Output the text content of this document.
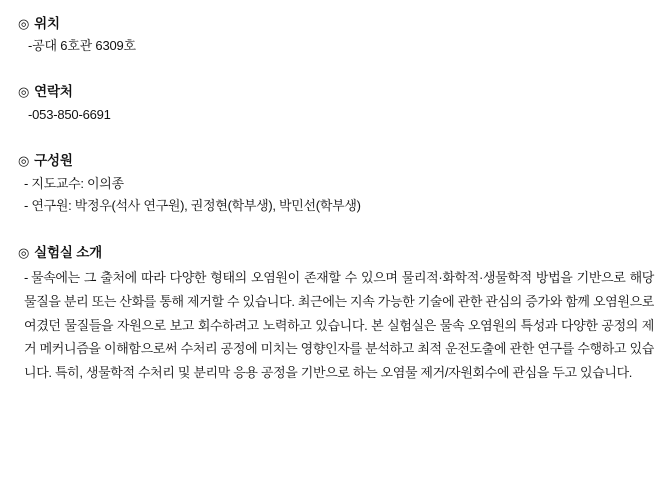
◎ 위치

-공대 6호관 6309호

◎ 연락처

-053-850-6691

◎ 구성원

- 지도교수: 이의종

- 연구원: 박정우(석사 연구원), 권정현(학부생), 박민선(학부생)

◎ 실험실 소개

- 물속에는 그 출처에 따라 다양한 형태의 오염원이 존재할 수 있으며 물리적·화학적·생물학적 방법을 기반으로 해당 물질을 분리 또는 산화를 통해 제거할 수 있습니다. 최근에는 지속 가능한 기술에 관한 관심의 증가와 함께 오염원으로 여겼던 물질들을 자원으로 보고 회수하려고 노력하고 있습니다. 본 실험실은 물속 오염원의 특성과 다양한 공정의 제거 메커니즘을 이해함으로써 수처리 공정에 미치는 영향인자를 분석하고 최적 운전도출에 관한 연구를 수행하고 있습니다. 특히, 생물학적 수처리 및 분리막 응용 공정을 기반으로 하는 오염물 제거/자원회수에 관심을 두고 있습니다.
